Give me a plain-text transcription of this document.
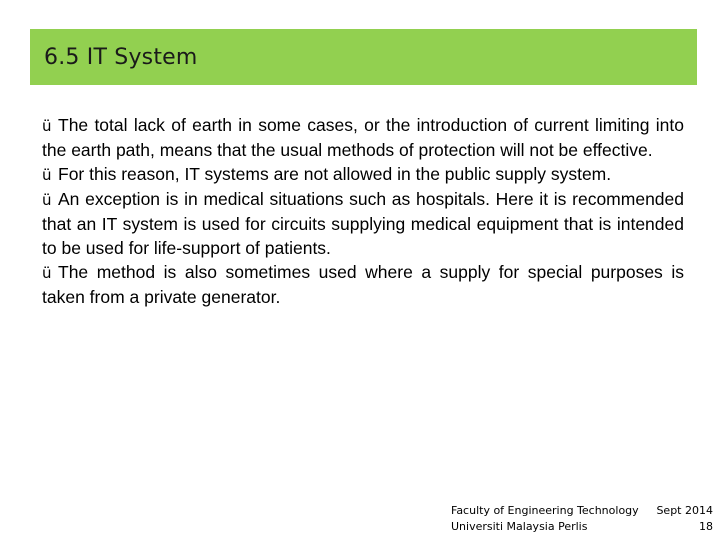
6.5 IT System

ü The total lack of earth in some cases, or the introduction of current limiting into the earth path, means that the usual methods of protection will not be effective.

ü For this reason, IT systems are not allowed in the public supply system.

ü An exception is in medical situations such as hospitals. Here it is recommended that an IT system is used for circuits supplying medical equipment that is intended to be used for life-support of patients.

ü The method is also sometimes used where a supply for special purposes is taken from a private generator.

Faculty of Engineering Technology Sept 2014
Universiti Malaysia Perlis	18
